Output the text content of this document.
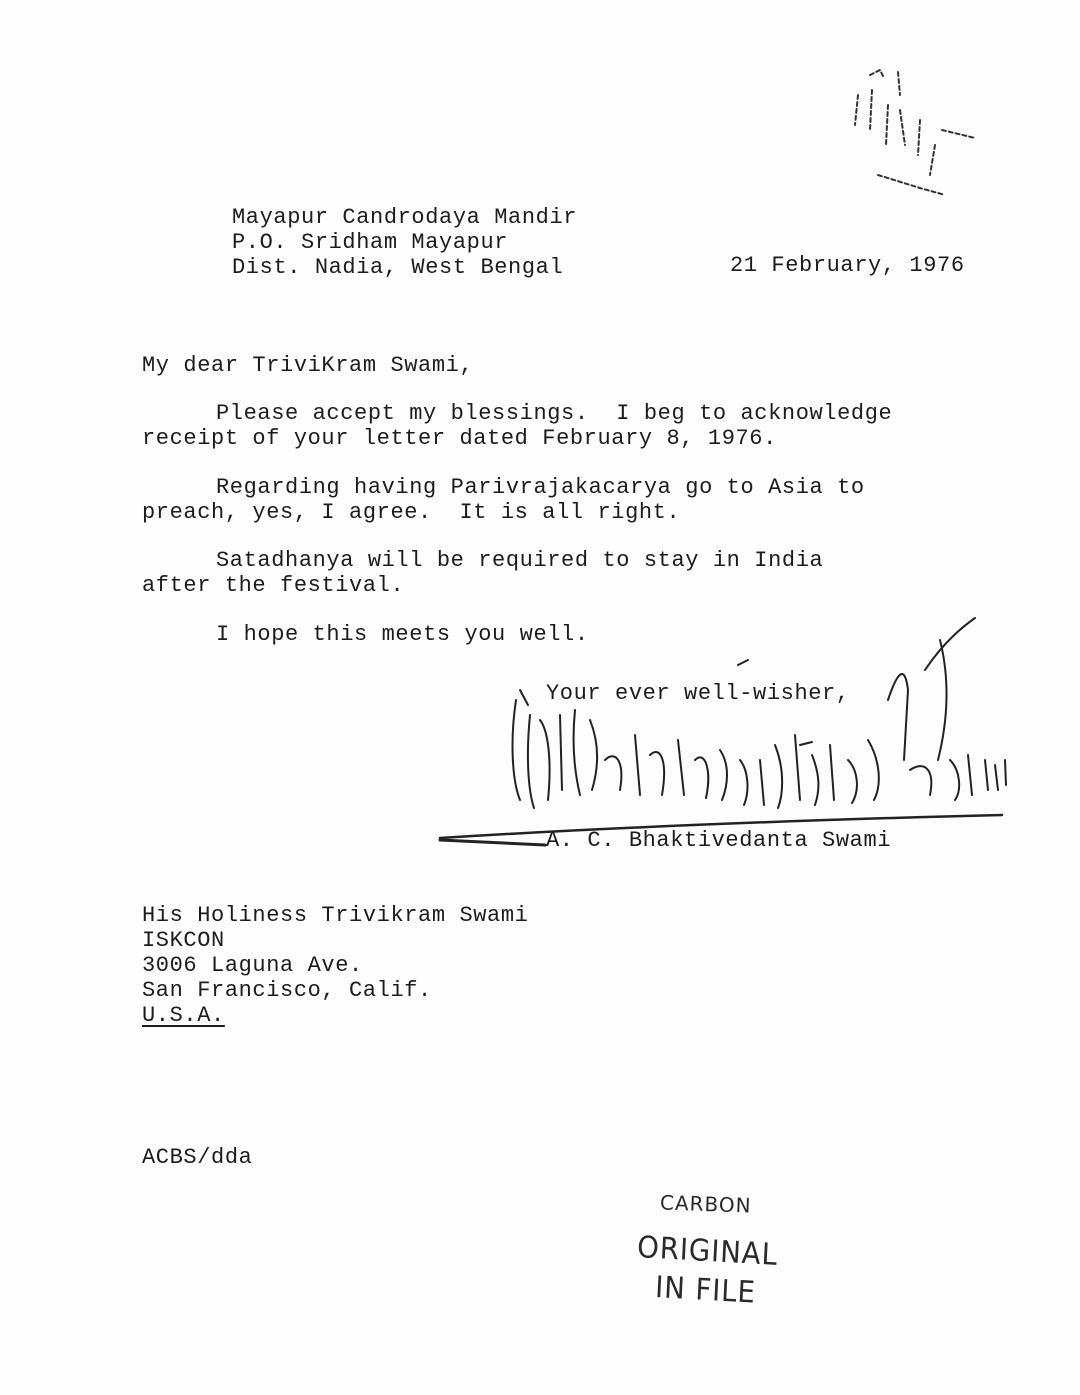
Mayapur Candrodaya Mandir
P.O. Sridham Mayapur
Dist. Nadia, West Bengal	21 February, 1976
My dear TriviKram Swami,
Please accept my blessings.  I beg to acknowledge
receipt of your letter dated February 8, 1976.
Regarding having Parivrajakacarya go to Asia to
preach, yes, I agree.  It is all right.
Satadhanya will be required to stay in India
after the festival.
I hope this meets you well.
Your ever well-wisher,
A. C. Bhaktivedanta Swami
His Holiness Trivikram Swami
ISKCON
3006 Laguna Ave.
San Francisco, Calif.
U.S.A.
ACBS/dda
CARBON
ORIGINAL
IN FILE
